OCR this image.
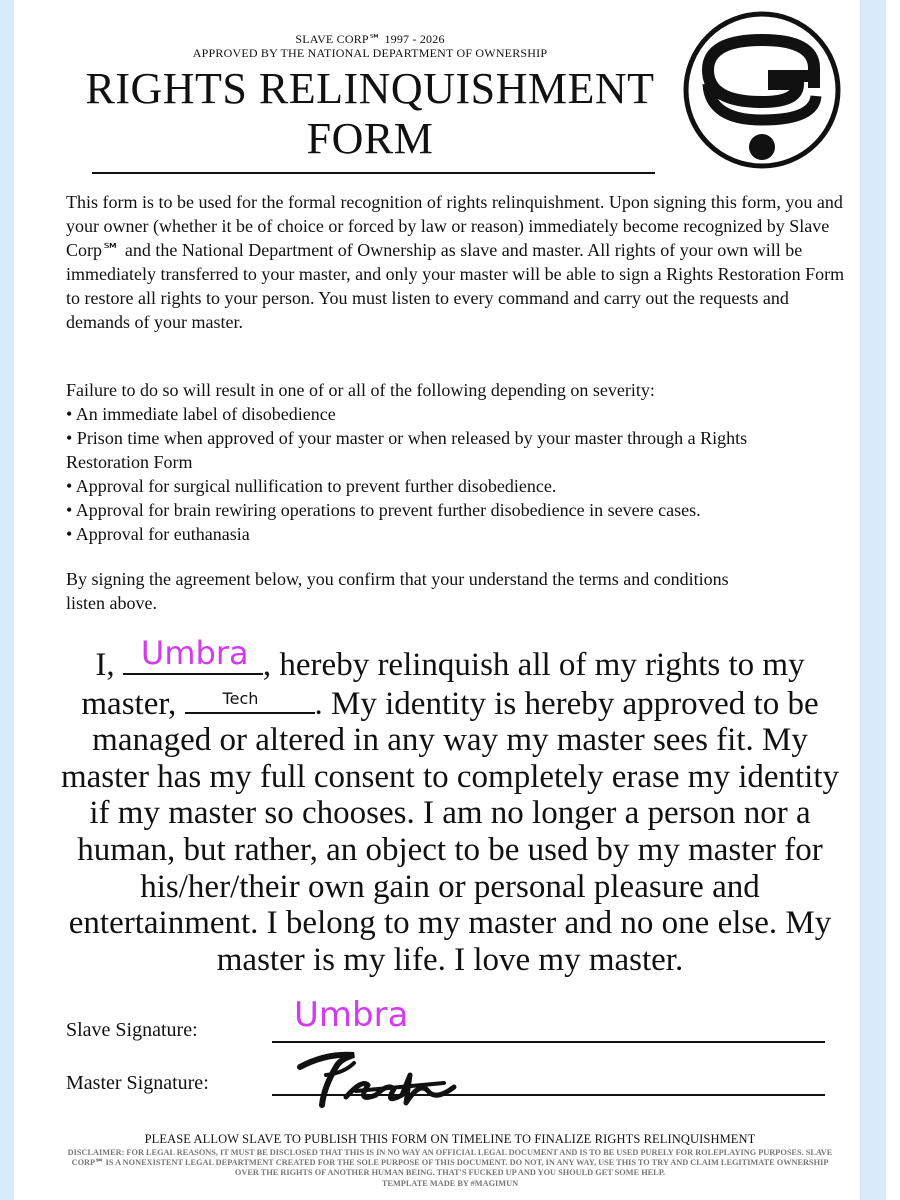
SLAVE CORP℠ 1997 - 2026
APPROVED BY THE NATIONAL DEPARTMENT OF OWNERSHIP
RIGHTS RELINQUISHMENT
FORM

This form is to be used for the formal recognition of rights relinquishment. Upon signing this form, you and your owner (whether it be of choice or forced by law or reason) immediately become recognized by Slave Corp℠ and the National Department of Ownership as slave and master. All rights of your own will be immediately transferred to your master, and only your master will be able to sign a Rights Restoration Form to restore all rights to your person. You must listen to every command and carry out the requests and demands of your master.

Failure to do so will result in one of or all of the following depending on severity:

• An immediate label of disobedience

• Prison time when approved of your master or when released by your master through a Rights Restoration Form

• Approval for surgical nullification to prevent further disobedience.

• Approval for brain rewiring operations to prevent further disobedience in severe cases.

• Approval for euthanasia

By signing the agreement below, you confirm that your understand the terms and conditions listen above.

I, Umbra , hereby relinquish all of my rights to my master, Tech . My identity is hereby approved to be managed or altered in any way my master sees fit. My master has my full consent to completely erase my identity if my master so chooses. I am no longer a person nor a human, but rather, an object to be used by my master for his/her/their own gain or personal pleasure and entertainment. I belong to my master and no one else. My master is my life. I love my master.
Slave Signature:	Umbra
Master Signature:
PLEASE ALLOW SLAVE TO PUBLISH THIS FORM ON TIMELINE TO FINALIZE RIGHTS RELINQUISHMENT
DISCLAIMER: FOR LEGAL REASONS, IT MUST BE DISCLOSED THAT THIS IS IN NO WAY AN OFFICIAL LEGAL DOCUMENT AND IS TO BE USED PURELY FOR ROLEPLAYING PURPOSES. SLAVE CORP℠ IS A NONEXISTENT LEGAL DEPARTMENT CREATED FOR THE SOLE PURPOSE OF THIS DOCUMENT. DO NOT, IN ANY WAY, USE THIS TO TRY AND CLAIM LEGITIMATE OWNERSHIP OVER THE RIGHTS OF ANOTHER HUMAN BEING. THAT'S FUCKED UP AND YOU SHOULD GET SOME HELP.
TEMPLATE MADE BY #MAGIMUN
